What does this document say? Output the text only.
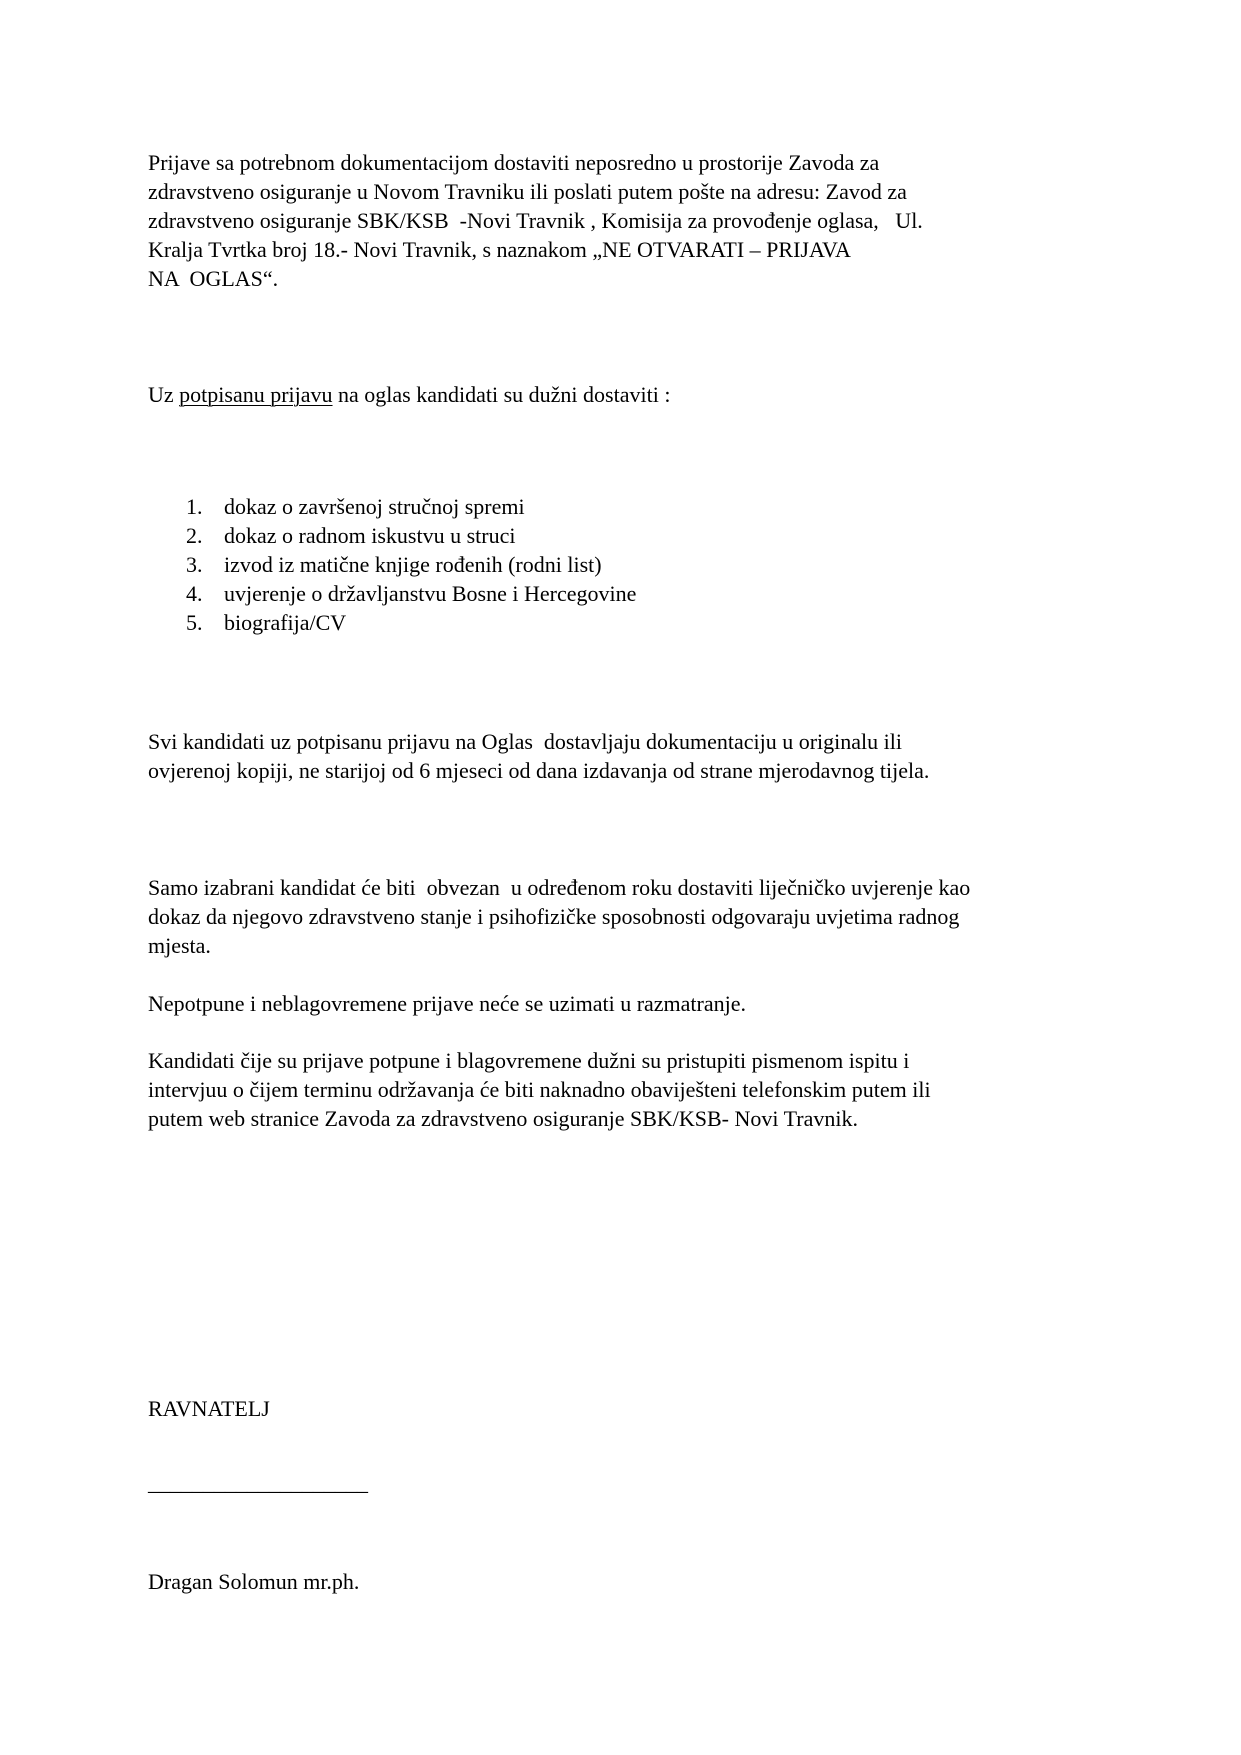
Prijave sa potrebnom dokumentacijom dostaviti neposredno u prostorije Zavoda za
zdravstveno osiguranje u Novom Travniku ili poslati putem pošte na adresu: Zavod za
zdravstveno osiguranje SBK/KSB  -Novi Travnik , Komisija za provođenje oglasa,   Ul.
Kralja Tvrtka broj 18.- Novi Travnik, s naznakom „NE OTVARATI – PRIJAVA
NA  OGLAS“.
Uz potpisanu prijavu na oglas kandidati su dužni dostaviti :
1. dokaz o završenoj stručnoj spremi
2. dokaz o radnom iskustvu u struci
3. izvod iz matične knjige rođenih (rodni list)
4. uvjerenje o državljanstvu Bosne i Hercegovine
5. biografija/CV
Svi kandidati uz potpisanu prijavu na Oglas  dostavljaju dokumentaciju u originalu ili
ovjerenoj kopiji, ne starijoj od 6 mjeseci od dana izdavanja od strane mjerodavnog tijela.
Samo izabrani kandidat će biti  obvezan  u određenom roku dostaviti liječničko uvjerenje kao
dokaz da njegovo zdravstveno stanje i psihofizičke sposobnosti odgovaraju uvjetima radnog
mjesta.
Nepotpune i neblagovremene prijave neće se uzimati u razmatranje.
Kandidati čije su prijave potpune i blagovremene dužni su pristupiti pismenom ispitu i
intervjuu o čijem terminu održavanja će biti naknadno obaviješteni telefonskim putem ili
putem web stranice Zavoda za zdravstveno osiguranje SBK/KSB- Novi Travnik.
RAVNATELJ
____________________
Dragan Solomun mr.ph.
